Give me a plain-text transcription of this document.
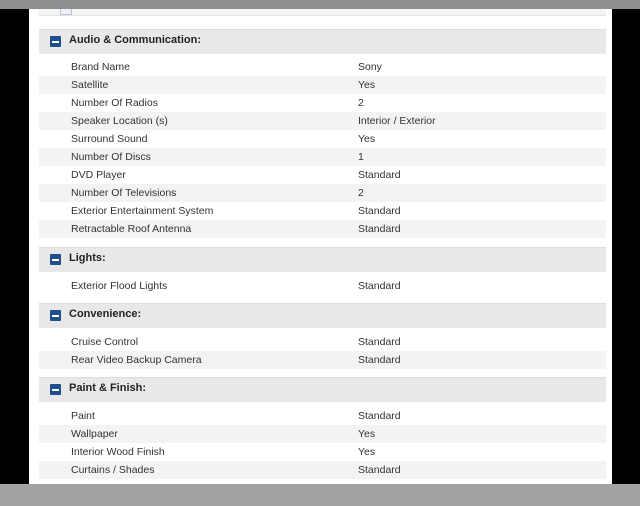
Audio & Communication:
Brand Name	Sony
Satellite	Yes
Number Of Radios	2
Speaker Location (s)	Interior / Exterior
Surround Sound	Yes
Number Of Discs	1
DVD Player	Standard
Number Of Televisions	2
Exterior Entertainment System	Standard
Retractable Roof Antenna	Standard
Lights:
Exterior Flood Lights	Standard
Convenience:
Cruise Control	Standard
Rear Video Backup Camera	Standard
Paint & Finish:
Paint	Standard
Wallpaper	Yes
Interior Wood Finish	Yes
Curtains / Shades	Standard
